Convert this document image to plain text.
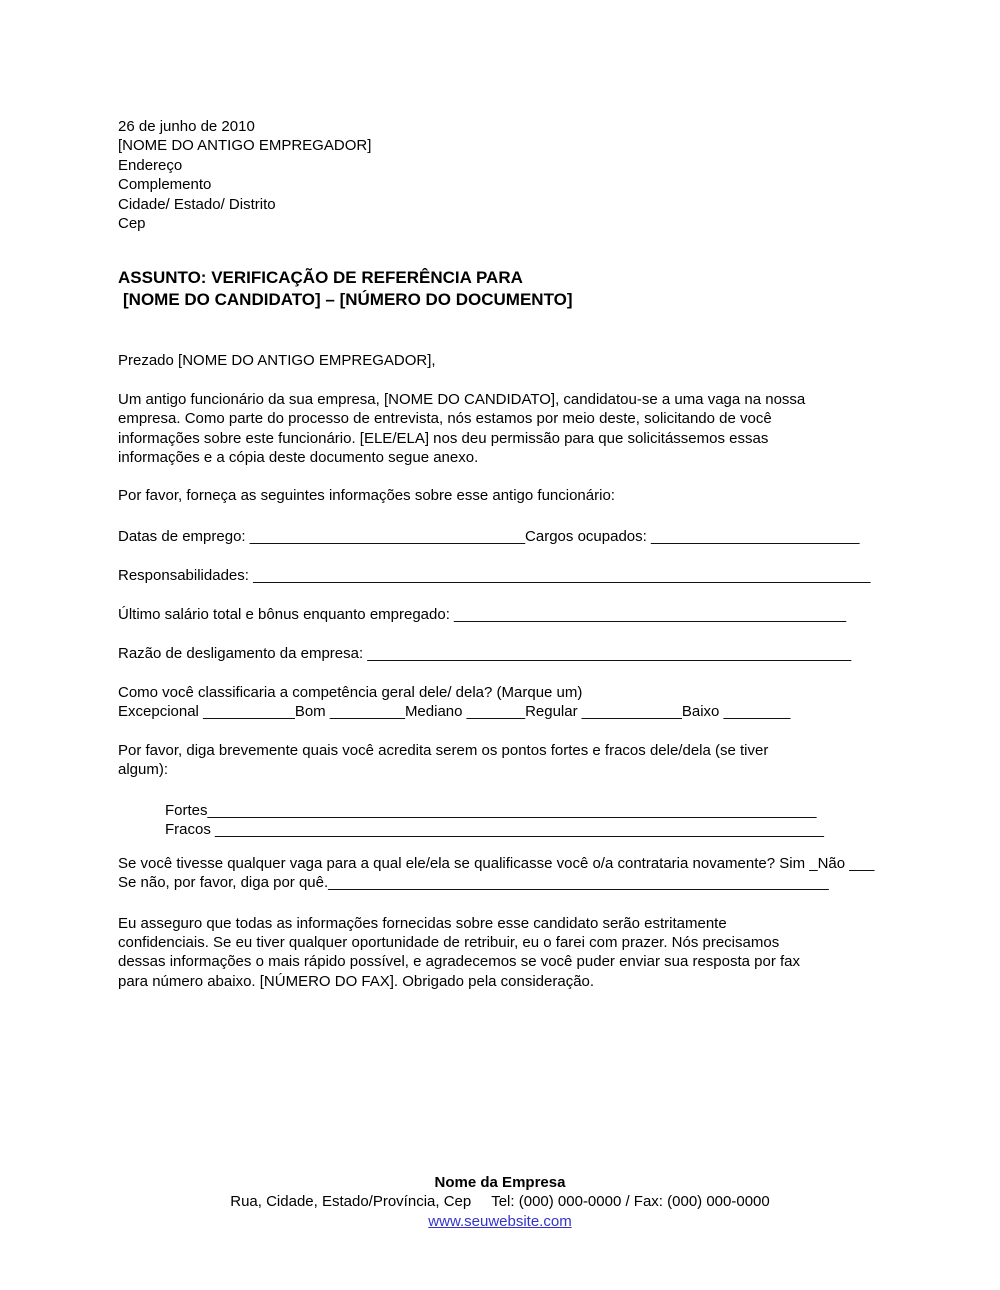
26 de junho de 2010
[NOME DO ANTIGO EMPREGADOR]
Endereço
Complemento
Cidade/ Estado/ Distrito
Cep
ASSUNTO: VERIFICAÇÃO DE REFERÊNCIA PARA
[NOME DO CANDIDATO] – [NÚMERO DO DOCUMENTO]
Prezado [NOME DO ANTIGO EMPREGADOR],
Um antigo funcionário da sua empresa, [NOME DO CANDIDATO], candidatou-se a uma vaga na nossa
empresa. Como parte do processo de entrevista, nós estamos por meio deste, solicitando de você
informações sobre este funcionário. [ELE/ELA] nos deu permissão para que solicitássemos essas
informações e a cópia deste documento segue anexo.
Por favor, forneça as seguintes informações sobre esse antigo funcionário:
Datas de emprego: _________________________________Cargos ocupados: _________________________
Responsabilidades: __________________________________________________________________________
Último salário total e bônus enquanto empregado: _______________________________________________
Razão de desligamento da empresa: __________________________________________________________
Como você classificaria a competência geral dele/ dela? (Marque um)
Excepcional ___________Bom _________Mediano _______Regular ____________Baixo ________
Por favor, diga brevemente quais você acredita serem os pontos fortes e fracos dele/dela (se tiver
algum):
Fortes_________________________________________________________________________
Fracos _________________________________________________________________________
Se você tivesse qualquer vaga para a qual ele/ela se qualificasse você o/a contrataria novamente? Sim _Não ___
Se não, por favor, diga por quê.____________________________________________________________
Eu asseguro que todas as informações fornecidas sobre esse candidato serão estritamente
confidenciais. Se eu tiver qualquer oportunidade de retribuir, eu o farei com prazer. Nós precisamos
dessas informações o mais rápido possível, e agradecemos se você puder enviar sua resposta por fax
para número abaixo. [NÚMERO DO FAX]. Obrigado pela consideração.
Nome da Empresa
Rua, Cidade, Estado/Província, Cep Tel: (000) 000-0000 / Fax: (000) 000-0000
www.seuwebsite.com
